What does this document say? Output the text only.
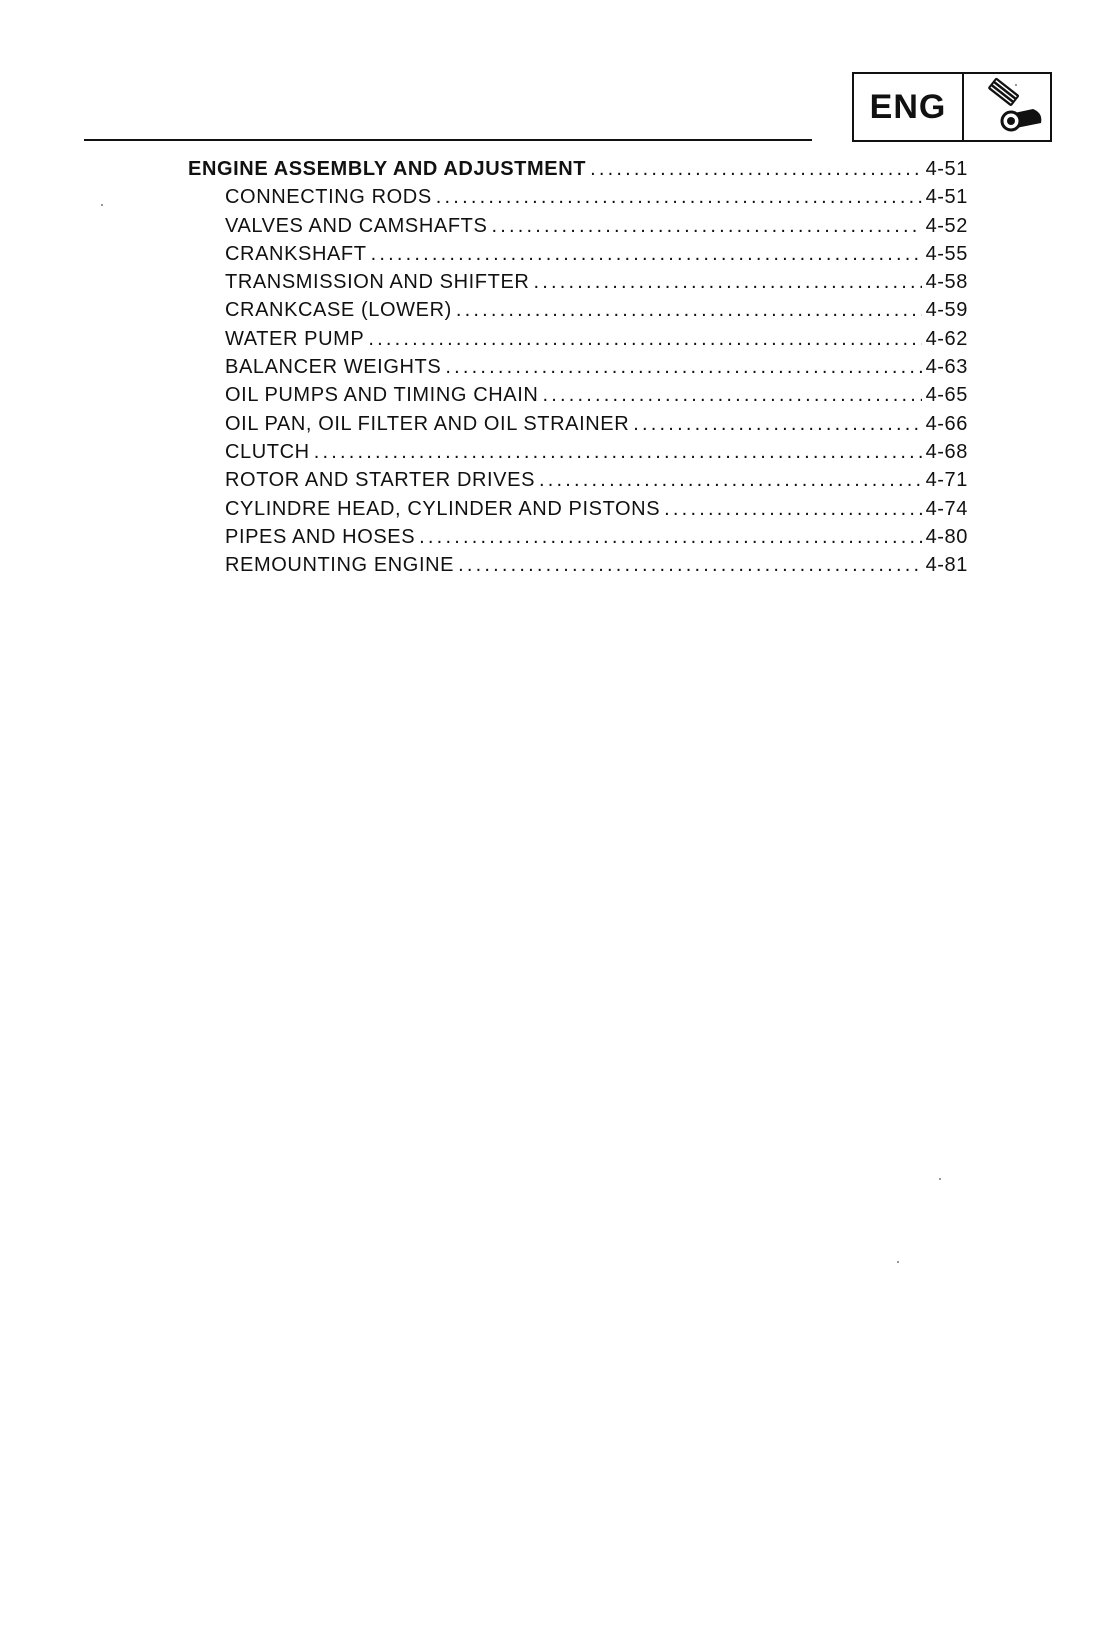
ENG
ENGINE ASSEMBLY AND ADJUSTMENT .....	4-51
CONNECTING RODS .....	4-51
VALVES AND CAMSHAFTS .....	4-52
CRANKSHAFT .....	4-55
TRANSMISSION AND SHIFTER .....	4-58
CRANKCASE (LOWER) .....	4-59
WATER PUMP .....	4-62
BALANCER WEIGHTS .....	4-63
OIL PUMPS AND TIMING CHAIN .....	4-65
OIL PAN, OIL FILTER AND OIL STRAINER .....	4-66
CLUTCH .....	4-68
ROTOR AND STARTER DRIVES .....	4-71
CYLINDRE HEAD, CYLINDER AND PISTONS .....	4-74
PIPES AND HOSES .....	4-80
REMOUNTING ENGINE .....	4-81
